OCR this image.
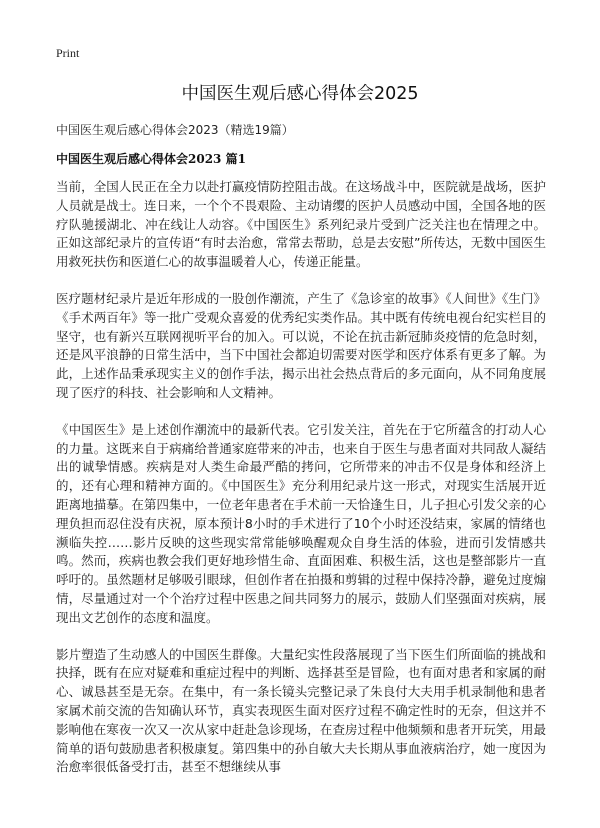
Print
中国医生观后感心得体会2025

中国医生观后感心得体会2023（精选19篇）

中国医生观后感心得体会2023 篇1

当前，全国人民正在全力以赴打赢疫情防控阻击战。在这场战斗中，医院就是战场，医护人员就是战士。连日来，一个个不畏艰险、主动请缨的医护人员感动中国，全国各地的医疗队驰援湖北、冲在线让人动容。《中国医生》系列纪录片受到广泛关注也在情理之中。正如这部纪录片的宣传语“有时去治愈，常常去帮助，总是去安慰”所传达，无数中国医生用救死扶伤和医道仁心的故事温暖着人心，传递正能量。

医疗题材纪录片是近年形成的一股创作潮流，产生了《急诊室的故事》《人间世》《生门》《手术两百年》等一批广受观众喜爱的优秀纪实类作品。其中既有传统电视台纪实栏目的坚守，也有新兴互联网视听平台的加入。可以说，不论在抗击新冠肺炎疫情的危急时刻，还是风平浪静的日常生活中，当下中国社会都迫切需要对医学和医疗体系有更多了解。为此，上述作品秉承现实主义的创作手法，揭示出社会热点背后的多元面向，从不同角度展现了医疗的科技、社会影响和人文精神。

《中国医生》是上述创作潮流中的最新代表。它引发关注，首先在于它所蕴含的打动人心的力量。这既来自于病痛给普通家庭带来的冲击，也来自于医生与患者面对共同敌人凝结出的诚挚情感。疾病是对人类生命最严酷的拷问，它所带来的冲击不仅是身体和经济上的，还有心理和精神方面的。《中国医生》充分利用纪录片这一形式，对现实生活展开近距离地描摹。在第四集中，一位老年患者在手术前一天恰逢生日，儿子担心引发父亲的心理负担而忍住没有庆祝，原本预计8小时的手术进行了10个小时还没结束，家属的情绪也濒临失控……影片反映的这些现实常常能够唤醒观众自身生活的体验，进而引发情感共鸣。然而，疾病也教会我们更好地珍惜生命、直面困难、积极生活，这也是整部影片一直呼吁的。虽然题材足够吸引眼球，但创作者在拍摄和剪辑的过程中保持冷静，避免过度煽情，尽量通过对一个个治疗过程中医患之间共同努力的展示，鼓励人们坚强面对疾病，展现出文艺创作的态度和温度。

影片塑造了生动感人的中国医生群像。大量纪实性段落展现了当下医生们所面临的挑战和抉择，既有在应对疑难和重症过程中的判断、选择甚至是冒险，也有面对患者和家属的耐心、诚恳甚至是无奈。在集中，有一条长镜头完整记录了朱良付大夫用手机录制他和患者家属术前交流的告知确认环节，真实表现医生面对医疗过程不确定性时的无奈，但这并不影响他在寒夜一次又一次从家中赶赴急诊现场，在查房过程中他频频和患者开玩笑，用最简单的语句鼓励患者积极康复。第四集中的孙自敏大夫长期从事血液病治疗，她一度因为治愈率很低备受打击，甚至不想继续从事
